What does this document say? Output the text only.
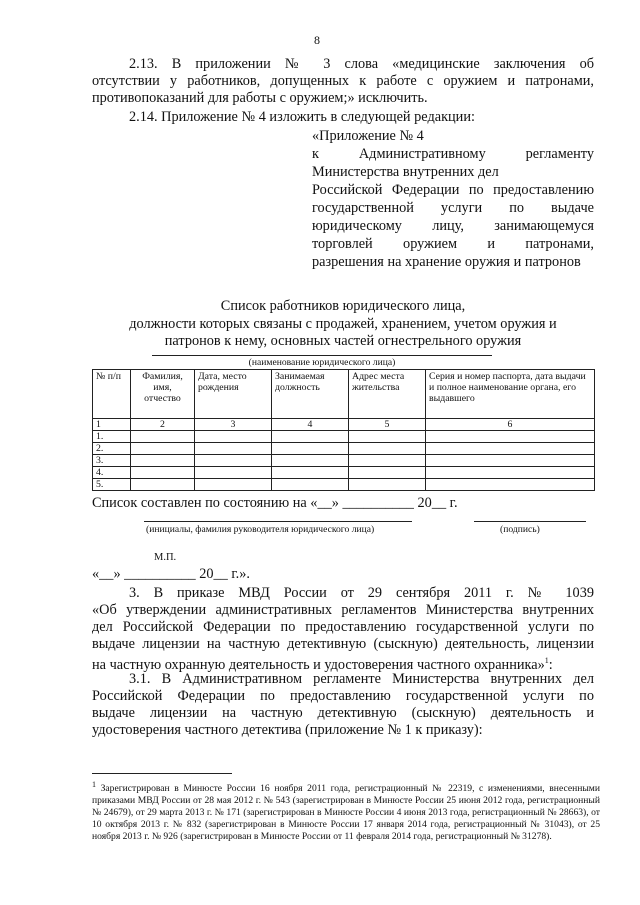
8
2.13. В приложении № 3 слова «медицинские заключения об
отсутствии у работников, допущенных к работе с оружием и патронами,
противопоказаний для работы с оружием;» исключить.
2.14. Приложение № 4 изложить в следующей редакции:
«Приложение № 4
к Административному регламенту
Министерства внутренних дел
Российской Федерации по предоставлению
государственной услуги по выдаче
юридическому лицу, занимающемуся
торговлей оружием и патронами,
разрешения на хранение оружия и патронов
Список работников юридического лица,
должности которых связаны с продажей, хранением, учетом оружия и
патронов к нему, основных частей огнестрельного оружия
(наименование юридического лица)
№ п/п	Фамилия, имя, отчество	Дата, место рождения	Занимаемая должность	Адрес места жительства	Серия и номер паспорта, дата выдачи и полное наименование органа, его выдавшего
1	2	3	4	5	6
1.					
2.					
3.					
4.					
5.					
Список составлен по состоянию на «__» __________ 20__ г.
(инициалы, фамилия руководителя юридического лица)	(подпись)
М.П.
«__» __________ 20__ г.».
3. В приказе МВД России от 29 сентября 2011 г. № 1039
«Об утверждении административных регламентов Министерства внутренних
дел Российской Федерации по предоставлению государственной услуги по
выдаче лицензии на частную детективную (сыскную) деятельность, лицензии
на частную охранную деятельность и удостоверения частного охранника»$^1$:
3.1. В Административном регламенте Министерства внутренних дел
Российской Федерации по предоставлению государственной услуги по
выдаче лицензии на частную детективную (сыскную) деятельность и
удостоверения частного детектива (приложение № 1 к приказу):
$^1$ Зарегистрирован в Минюсте России 16 ноября 2011 года, регистрационный № 22319, с изменениями, внесенными приказами МВД России от 28 мая 2012 г. № 543 (зарегистрирован в Минюсте России 25 июня 2012 года, регистрационный № 24679), от 29 марта 2013 г. № 171 (зарегистрирован в Минюсте России 4 июня 2013 года, регистрационный № 28663), от 10 октября 2013 г. № 832 (зарегистрирован в Минюсте России 17 января 2014 года, регистрационный № 31043), от 25 ноября 2013 г. № 926 (зарегистрирован в Минюсте России от 11 февраля 2014 года, регистрационный № 31278).
